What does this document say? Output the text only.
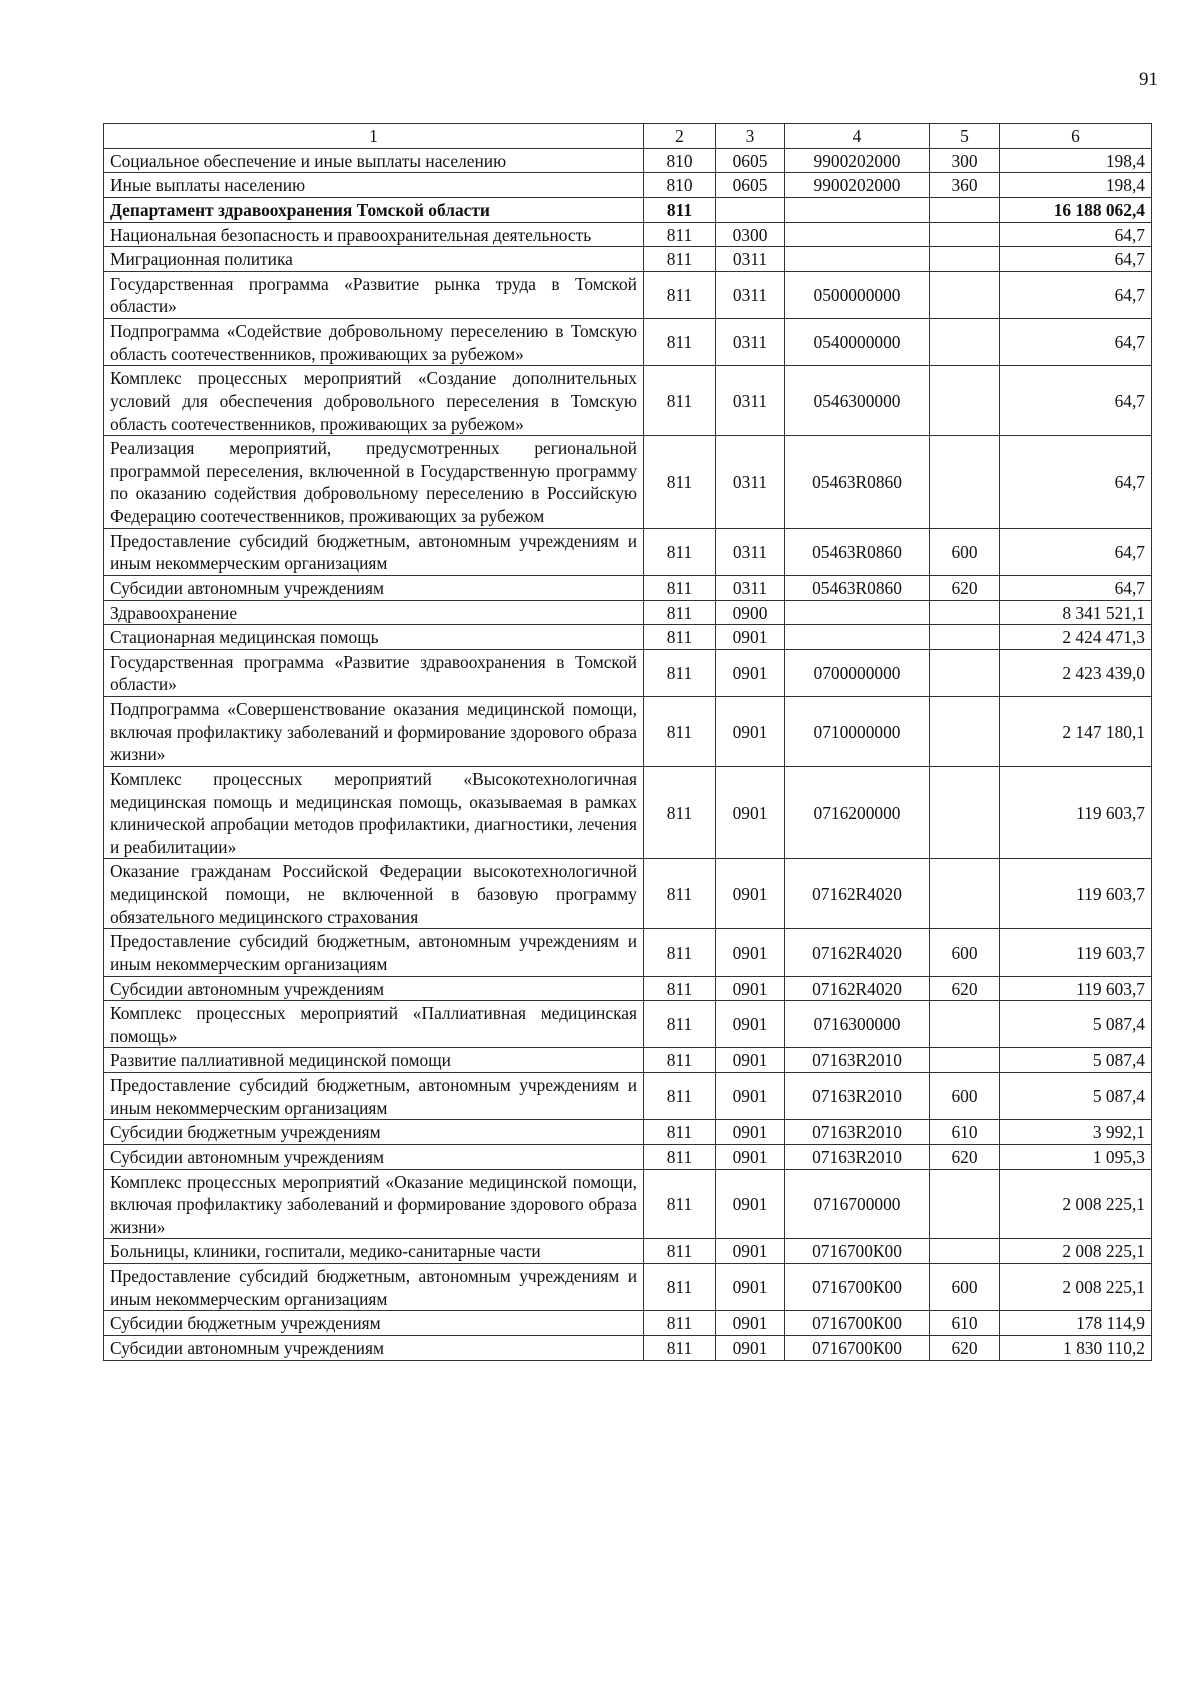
91
1	2	3	4	5	6
Социальное обеспечение и иные выплаты населению	810	0605	9900202000	300	198,4
Иные выплаты населению	810	0605	9900202000	360	198,4
Департамент здравоохранения Томской области	811				16 188 062,4
Национальная безопасность и правоохранительная деятельность	811	0300			64,7
Миграционная политика	811	0311			64,7
Государственная программа «Развитие рынка труда в Томской области»	811	0311	0500000000		64,7
Подпрограмма «Содействие добровольному переселению в Томскую область соотечественников, проживающих за рубежом»	811	0311	0540000000		64,7
Комплекс процессных мероприятий «Создание дополнительных условий для обеспечения добровольного переселения в Томскую область соотечественников, проживающих за рубежом»	811	0311	0546300000		64,7
Реализация мероприятий, предусмотренных региональной программой переселения, включенной в Государственную программу по оказанию содействия добровольному переселению в Российскую Федерацию соотечественников, проживающих за рубежом	811	0311	05463R0860		64,7
Предоставление субсидий бюджетным, автономным учреждениям и иным некоммерческим организациям	811	0311	05463R0860	600	64,7
Субсидии автономным учреждениям	811	0311	05463R0860	620	64,7
Здравоохранение	811	0900			8 341 521,1
Стационарная медицинская помощь	811	0901			2 424 471,3
Государственная программа «Развитие здравоохранения в Томской области»	811	0901	0700000000		2 423 439,0
Подпрограмма «Совершенствование оказания медицинской помощи, включая профилактику заболеваний и формирование здорового образа жизни»	811	0901	0710000000		2 147 180,1
Комплекс процессных мероприятий «Высокотехнологичная медицинская помощь и медицинская помощь, оказываемая в рамках клинической апробации методов профилактики, диагностики, лечения и реабилитации»	811	0901	0716200000		119 603,7
Оказание гражданам Российской Федерации высокотехнологичной медицинской помощи, не включенной в базовую программу обязательного медицинского страхования	811	0901	07162R4020		119 603,7
Предоставление субсидий бюджетным, автономным учреждениям и иным некоммерческим организациям	811	0901	07162R4020	600	119 603,7
Субсидии автономным учреждениям	811	0901	07162R4020	620	119 603,7
Комплекс процессных мероприятий «Паллиативная медицинская помощь»	811	0901	0716300000		5 087,4
Развитие паллиативной медицинской помощи	811	0901	07163R2010		5 087,4
Предоставление субсидий бюджетным, автономным учреждениям и иным некоммерческим организациям	811	0901	07163R2010	600	5 087,4
Субсидии бюджетным учреждениям	811	0901	07163R2010	610	3 992,1
Субсидии автономным учреждениям	811	0901	07163R2010	620	1 095,3
Комплекс процессных мероприятий «Оказание медицинской помощи, включая профилактику заболеваний и формирование здорового образа жизни»	811	0901	0716700000		2 008 225,1
Больницы, клиники, госпитали, медико-санитарные части	811	0901	0716700К00		2 008 225,1
Предоставление субсидий бюджетным, автономным учреждениям и иным некоммерческим организациям	811	0901	0716700К00	600	2 008 225,1
Субсидии бюджетным учреждениям	811	0901	0716700К00	610	178 114,9
Субсидии автономным учреждениям	811	0901	0716700К00	620	1 830 110,2
